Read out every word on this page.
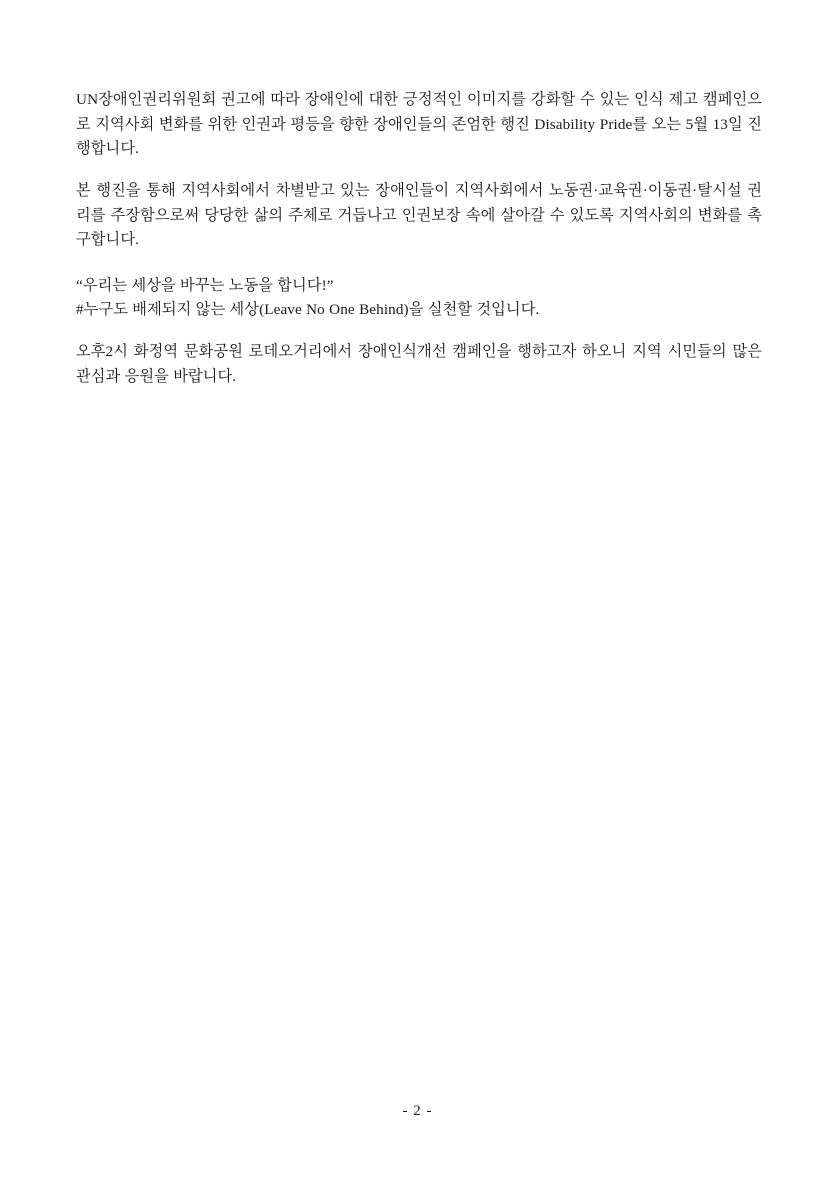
UN장애인권리위원회 권고에 따라 장애인에 대한 긍정적인 이미지를 강화할 수 있는 인식 제고 캠페인으로 지역사회 변화를 위한 인권과 평등을 향한 장애인들의 존엄한 행진 Disability Pride를 오는 5월 13일 진행합니다.

본 행진을 통해 지역사회에서 차별받고 있는 장애인들이 지역사회에서 노동권·교육권·이동권·탈시설 권리를 주장함으로써 당당한 삶의 주체로 거듭나고 인권보장 속에 살아갈 수 있도록 지역사회의 변화를 촉구합니다.

“우리는 세상을 바꾸는 노동을 합니다!”
#누구도 배제되지 않는 세상(Leave No One Behind)을 실천할 것입니다.

오후2시 화정역 문화공원 로데오거리에서 장애인식개선 캠페인을 행하고자 하오니 지역 시민들의 많은 관심과 응원을 바랍니다.

- 2 -
